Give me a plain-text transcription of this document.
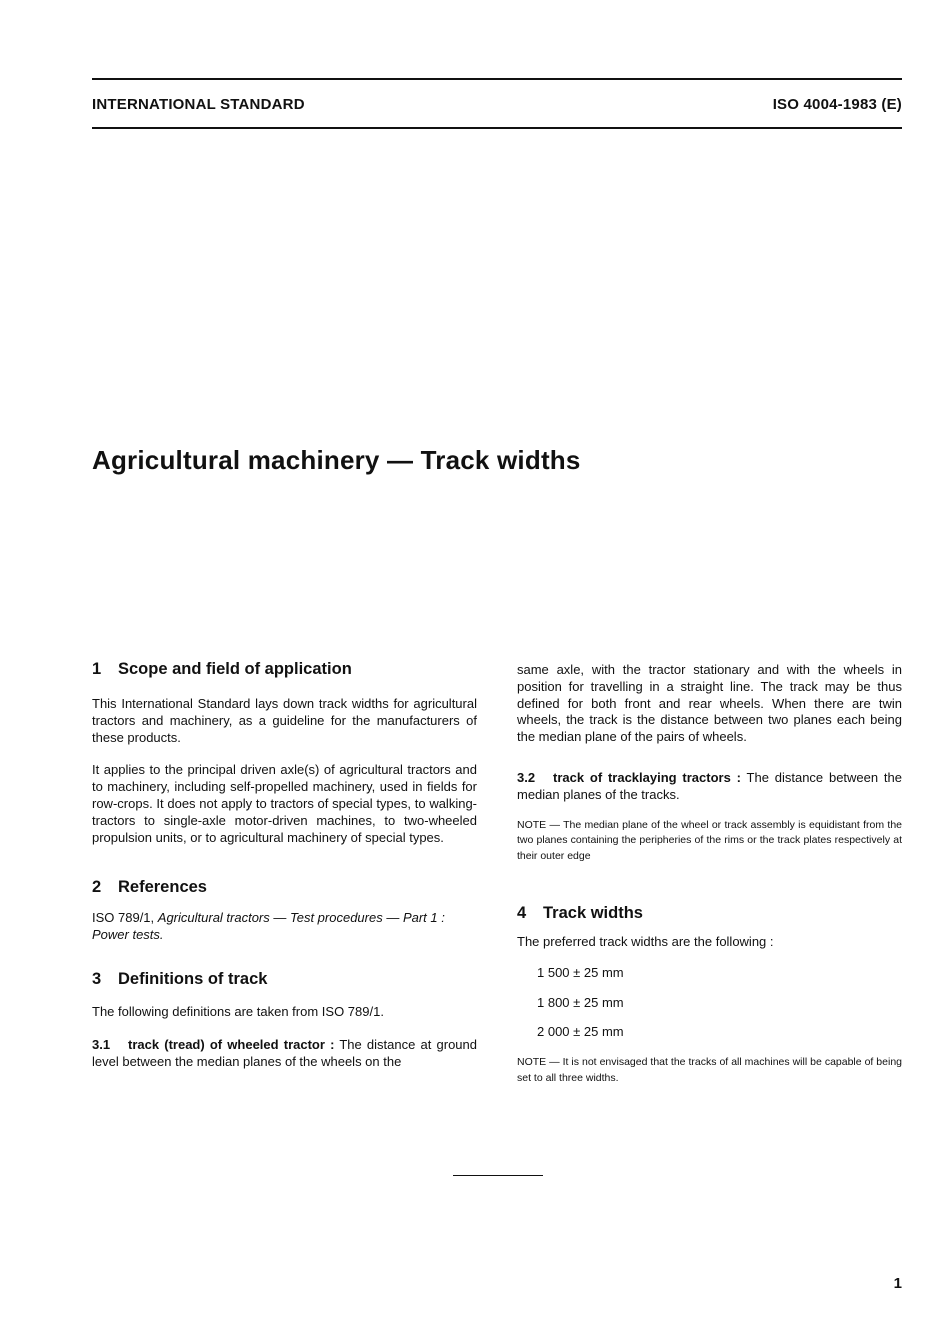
INTERNATIONAL STANDARD	ISO 4004-1983 (E)
Agricultural machinery — Track widths
1 Scope and field of application

This International Standard lays down track widths for agricultural tractors and machinery, as a guideline for the manufacturers of these products.

It applies to the principal driven axle(s) of agricultural tractors and to machinery, including self-propelled machinery, used in fields for row-crops. It does not apply to tractors of special types, to walking-tractors to single-axle motor-driven machines, to two-wheeled propulsion units, or to agricultural machinery of special types.

2 References

ISO 789/1, Agricultural tractors — Test procedures — Part 1 : Power tests.

3 Definitions of track

The following definitions are taken from ISO 789/1.

3.1 track (tread) of wheeled tractor : The distance at ground level between the median planes of the wheels on the

same axle, with the tractor stationary and with the wheels in position for travelling in a straight line. The track may be thus defined for both front and rear wheels. When there are twin wheels, the track is the distance between two planes each being the median plane of the pairs of wheels.

3.2 track of tracklaying tractors : The distance between the median planes of the tracks.

NOTE — The median plane of the wheel or track assembly is equidistant from the two planes containing the peripheries of the rims or the track plates respectively at their outer edge

4 Track widths

The preferred track widths are the following :

1 500 ± 25 mm
1 800 ± 25 mm
2 000 ± 25 mm

NOTE — It is not envisaged that the tracks of all machines will be capable of being set to all three widths.

1
